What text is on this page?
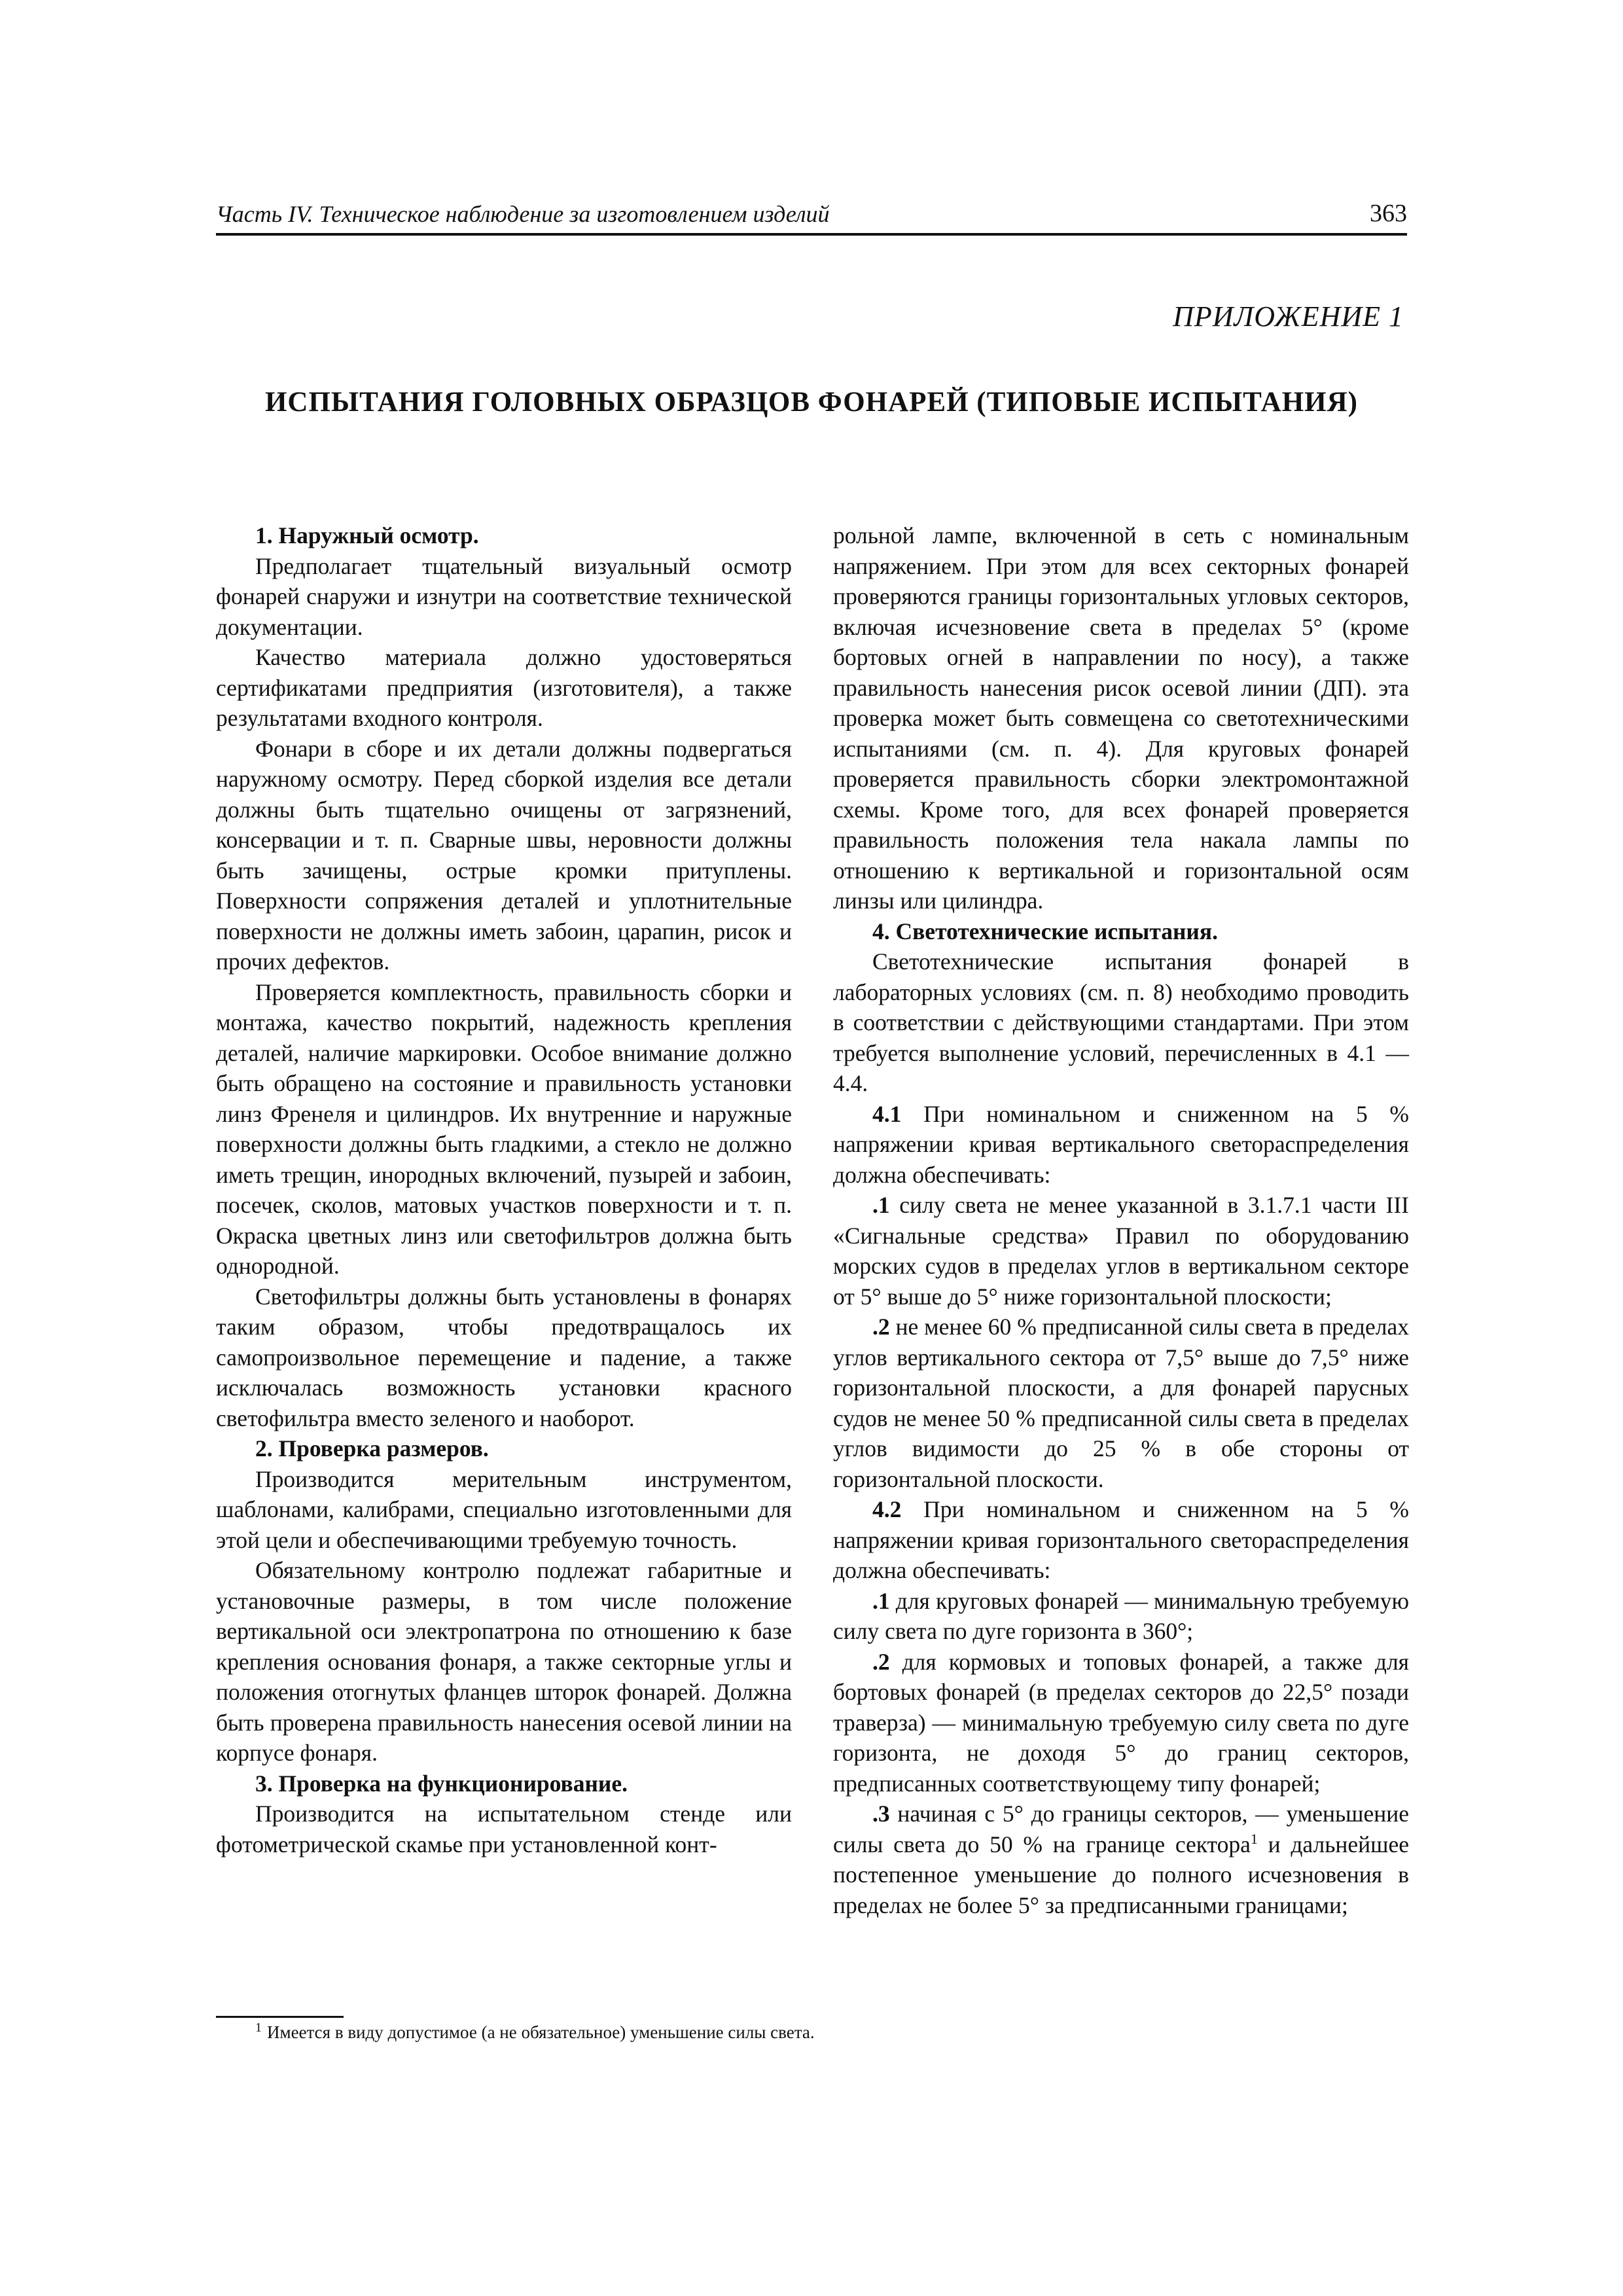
Часть IV. Техническое наблюдение за изготовлением изделий	363
ПРИЛОЖЕНИЕ 1
ИСПЫТАНИЯ ГОЛОВНЫХ ОБРАЗЦОВ ФОНАРЕЙ (ТИПОВЫЕ ИСПЫТАНИЯ)

1. Наружный осмотр.

Предполагает тщательный визуальный осмотр фонарей снаружи и изнутри на соответствие технической документации.

Качество материала должно удостоверяться сертификатами предприятия (изготовителя), а также результатами входного контроля.

Фонари в сборе и их детали должны подвергаться наружному осмотру. Перед сборкой изделия все детали должны быть тщательно очищены от загрязнений, консервации и т. п. Сварные швы, неровности должны быть зачищены, острые кромки притуплены. Поверхности сопряжения деталей и уплотнительные поверхности не должны иметь забоин, царапин, рисок и прочих дефектов.

Проверяется комплектность, правильность сборки и монтажа, качество покрытий, надежность крепления деталей, наличие маркировки. Особое внимание должно быть обращено на состояние и правильность установки линз Френеля и цилиндров. Их внутренние и наружные поверхности должны быть гладкими, а стекло не должно иметь трещин, инородных включений, пузырей и забоин, посечек, сколов, матовых участков поверхности и т. п. Окраска цветных линз или светофильтров должна быть однородной.

Светофильтры должны быть установлены в фонарях таким образом, чтобы предотвращалось их самопроизвольное перемещение и падение, а также исключалась возможность установки красного светофильтра вместо зеленого и наоборот.

2. Проверка размеров.

Производится мерительным инструментом, шаблонами, калибрами, специально изготовленными для этой цели и обеспечивающими требуемую точность.

Обязательному контролю подлежат габаритные и установочные размеры, в том числе положение вертикальной оси электропатрона по отношению к базе крепления основания фонаря, а также секторные углы и положения отогнутых фланцев шторок фонарей. Должна быть проверена правильность нанесения осевой линии на корпусе фонаря.

3. Проверка на функционирование.

Производится на испытательном стенде или фотометрической скамье при установленной конт-

рольной лампе, включенной в сеть с номинальным напряжением. При этом для всех секторных фонарей проверяются границы горизонтальных угловых секторов, включая исчезновение света в пределах 5° (кроме бортовых огней в направлении по носу), а также правильность нанесения рисок осевой линии (ДП). эта проверка может быть совмещена со светотехническими испытаниями (см. п. 4). Для круговых фонарей проверяется правильность сборки электромонтажной схемы. Кроме того, для всех фонарей проверяется правильность положения тела накала лампы по отношению к вертикальной и горизонтальной осям линзы или цилиндра.

4. Светотехнические испытания.

Светотехнические испытания фонарей в лабораторных условиях (см. п. 8) необходимо проводить в соответствии с действующими стандартами. При этом требуется выполнение условий, перечисленных в 4.1 — 4.4.

4.1 При номинальном и сниженном на 5 % напряжении кривая вертикального светораспределения должна обеспечивать:

.1 силу света не менее указанной в 3.1.7.1 части III «Сигнальные средства» Правил по оборудованию морских судов в пределах углов в вертикальном секторе от 5° выше до 5° ниже горизонтальной плоскости;

.2 не менее 60 % предписанной силы света в пределах углов вертикального сектора от 7,5° выше до 7,5° ниже горизонтальной плоскости, а для фонарей парусных судов не менее 50 % предписанной силы света в пределах углов видимости до 25 % в обе стороны от горизонтальной плоскости.

4.2 При номинальном и сниженном на 5 % напряжении кривая горизонтального светораспределения должна обеспечивать:

.1 для круговых фонарей — минимальную требуемую силу света по дуге горизонта в 360°;

.2 для кормовых и топовых фонарей, а также для бортовых фонарей (в пределах секторов до 22,5° позади траверза) — минимальную требуемую силу света по дуге горизонта, не доходя 5° до границ секторов, предписанных соответствующему типу фонарей;

.3 начиная с 5° до границы секторов, — уменьшение силы света до 50 % на границе сектора$^1$ и дальнейшее постепенное уменьшение до полного исчезновения в пределах не более 5° за предписанными границами;

$^1$ Имеется в виду допустимое (а не обязательное) уменьшение силы света.
